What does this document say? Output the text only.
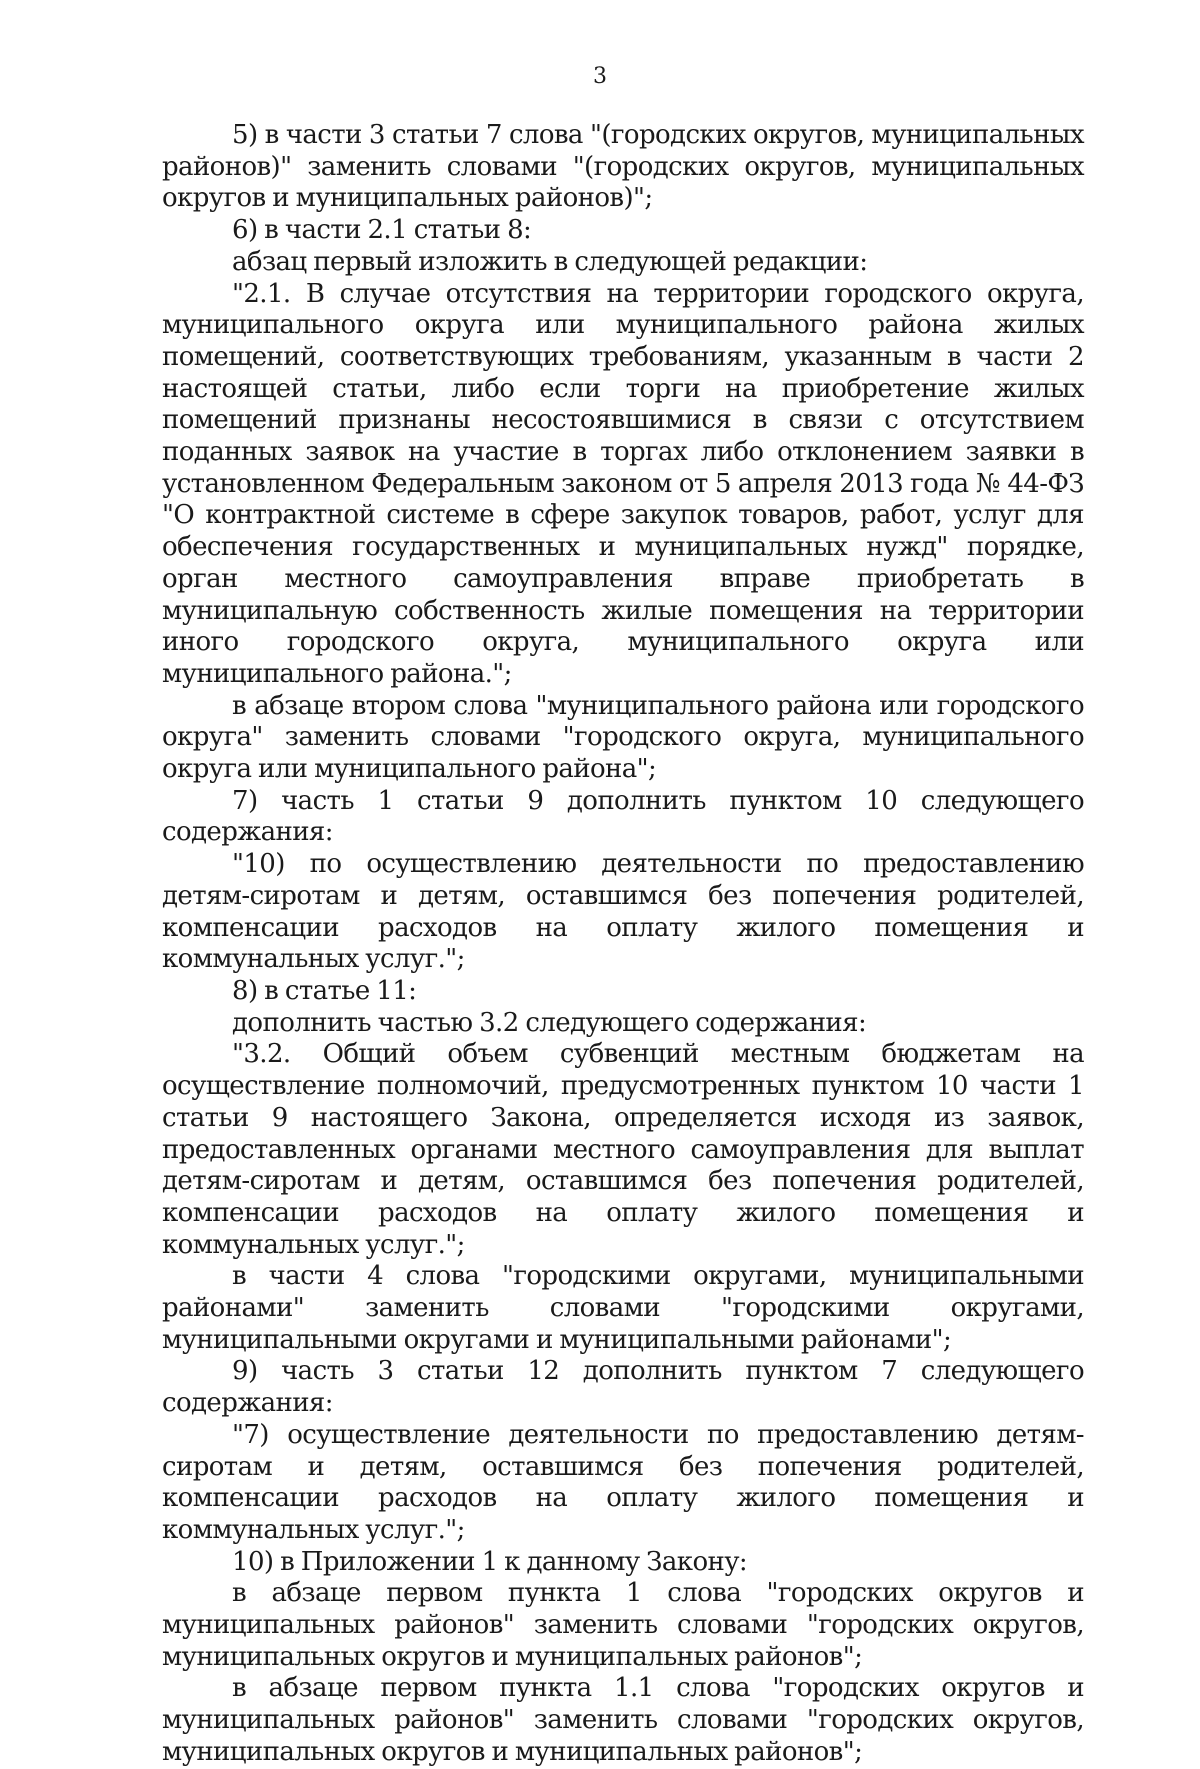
3

5) в части 3 статьи 7 слова "(городских округов, муниципальных районов)" заменить словами "(городских округов, муниципальных округов и муниципальных районов)";

6) в части 2.1 статьи 8:

абзац первый изложить в следующей редакции:

"2.1. В случае отсутствия на территории городского округа, муниципального округа или муниципального района жилых помещений, соответствующих требованиям, указанным в части 2 настоящей статьи, либо если торги на приобретение жилых помещений признаны несостоявшимися в связи с отсутствием поданных заявок на участие в торгах либо отклонением заявки в установленном Федеральным законом от 5 апреля 2013 года № 44-ФЗ "О контрактной системе в сфере закупок товаров, работ, услуг для обеспечения государственных и муниципальных нужд" порядке, орган местного самоуправления вправе приобретать в муниципальную собственность жилые помещения на территории иного городского округа, муниципального округа или муниципального района.";

в абзаце втором слова "муниципального района или городского округа" заменить словами "городского округа, муниципального округа или муниципального района";

7) часть 1 статьи 9 дополнить пунктом 10 следующего содержания:

"10) по осуществлению деятельности по предоставлению детям-сиротам и детям, оставшимся без попечения родителей, компенсации расходов на оплату жилого помещения и коммунальных услуг.";

8) в статье 11:

дополнить частью 3.2 следующего содержания:

"3.2. Общий объем субвенций местным бюджетам на осуществление полномочий, предусмотренных пунктом 10 части 1 статьи 9 настоящего Закона, определяется исходя из заявок, предоставленных органами местного самоуправления для выплат детям-сиротам и детям, оставшимся без попечения родителей, компенсации расходов на оплату жилого помещения и коммунальных услуг.";

в части 4 слова "городскими округами, муниципальными районами" заменить словами "городскими округами, муниципальными округами и муниципальными районами";

9) часть 3 статьи 12 дополнить пунктом 7 следующего содержания:

"7) осуществление деятельности по предоставлению детям-сиротам и детям, оставшимся без попечения родителей, компенсации расходов на оплату жилого помещения и коммунальных услуг.";

10) в Приложении 1 к данному Закону:

в абзаце первом пункта 1 слова "городских округов и муниципальных районов" заменить словами "городских округов, муниципальных округов и муниципальных районов";

в абзаце первом пункта 1.1 слова "городских округов и муниципальных районов" заменить словами "городских округов, муниципальных округов и муниципальных районов";
